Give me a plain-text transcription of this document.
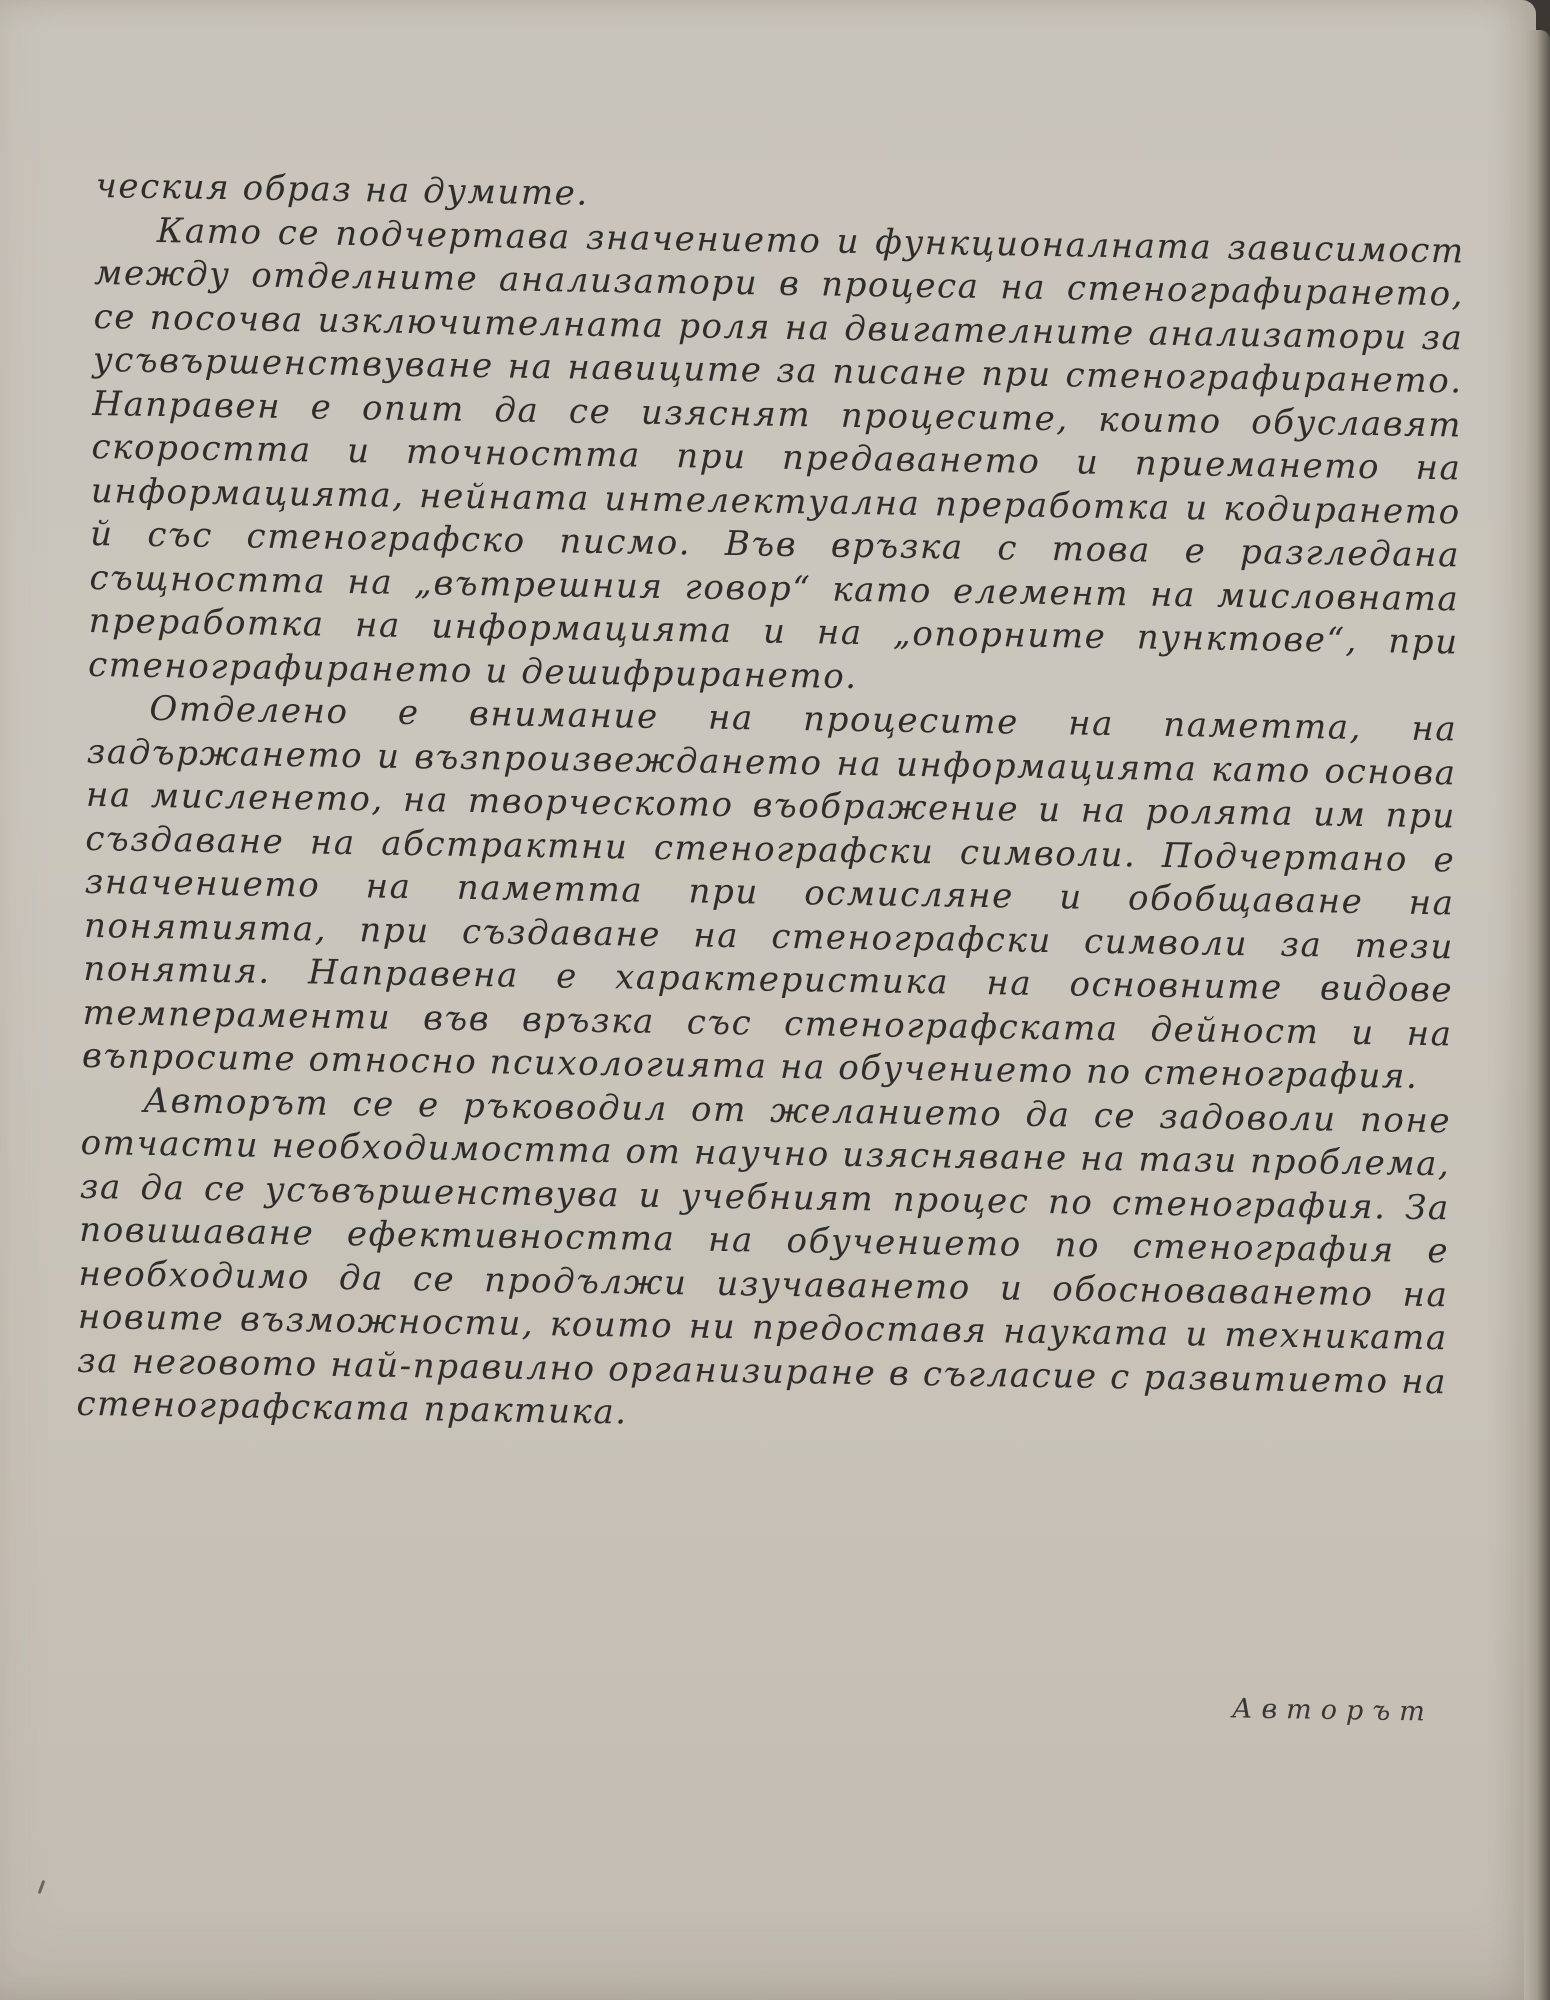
ческия образ на думите.

Като се подчертава значението и функционалната зависимост между отделните анализатори в процеса на стенографирането, се посочва изключителната роля на двигателните анализатори за усъвършенствуване на навиците за писане при стенографирането. Направен е опит да се изяснят процесите, които обуславят скоростта и точността при предаването и приемането на информацията, нейната интелектуална преработка и кодирането й със стенографско писмо. Във връзка с това е разгледана същността на „вътрешния говор“ като елемент на мисловната преработка на информацията и на „опорните пунктове“, при стенографирането и дешифрирането.

Отделено е внимание на процесите на паметта, на задържането и възпроизвеждането на информацията като основа на мисленето, на творческото въображение и на ролята им при създаване на абстрактни стенографски символи. Подчертано е значението на паметта при осмисляне и обобщаване на понятията, при създаване на стенографски символи за тези понятия. Направена е характеристика на основните видове темпераменти във връзка със стенографската дейност и на въпросите относно психологията на обучението по стенография.

Авторът се е ръководил от желанието да се задоволи поне отчасти необходимостта от научно изясняване на тази проблема, за да се усъвършенствува и учебният процес по стенография. За повишаване ефективността на обучението по стенография е необходимо да се продължи изучаването и обосноваването на новите възможности, които ни предоставя науката и техниката за неговото най-правилно организиране в съгласие с развитието на стенографската практика.

Авторът
